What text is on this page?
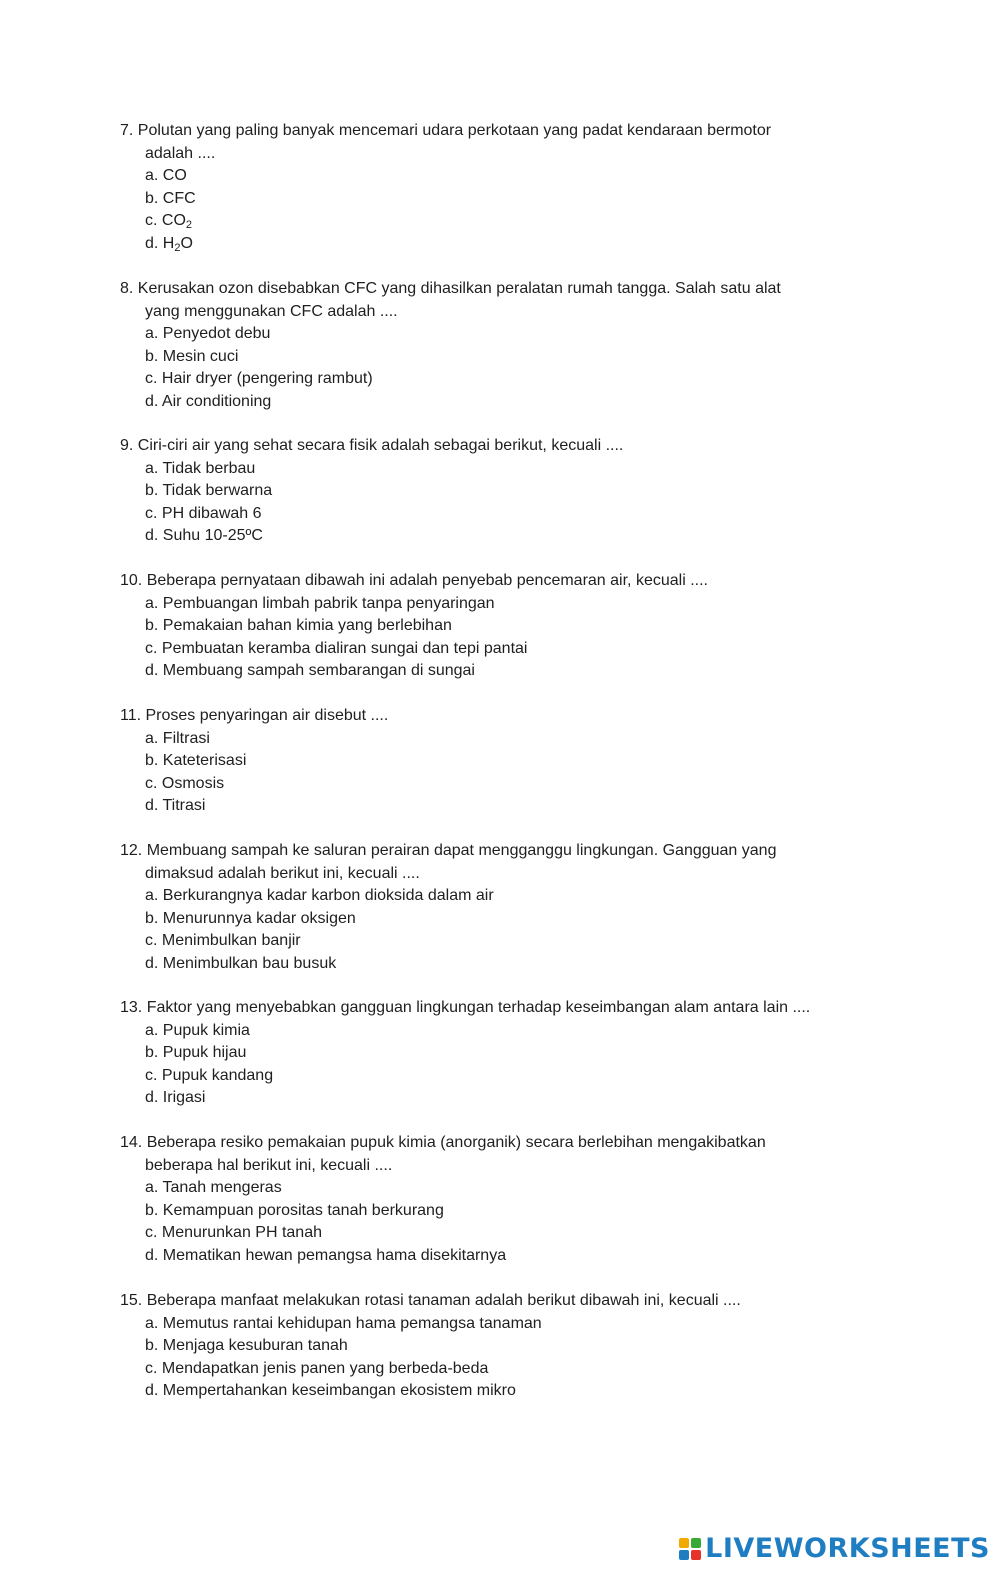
7. Polutan yang paling banyak mencemari udara perkotaan yang padat kendaraan bermotor
adalah ....

a. CO

b. CFC

c. $CO_2$

d. $H_2O$

8. Kerusakan ozon disebabkan CFC yang dihasilkan peralatan rumah tangga. Salah satu alat
yang menggunakan CFC adalah ....

a. Penyedot debu

b. Mesin cuci

c. Hair dryer (pengering rambut)

d. Air conditioning

9. Ciri-ciri air yang sehat secara fisik adalah sebagai berikut, kecuali ....

a. Tidak berbau

b. Tidak berwarna

c. PH dibawah 6

d. Suhu 10-25ºC

10. Beberapa pernyataan dibawah ini adalah penyebab pencemaran air, kecuali ....

a. Pembuangan limbah pabrik tanpa penyaringan

b. Pemakaian bahan kimia yang berlebihan

c. Pembuatan keramba dialiran sungai dan tepi pantai

d. Membuang sampah sembarangan di sungai

11. Proses penyaringan air disebut ....

a. Filtrasi

b. Kateterisasi

c. Osmosis

d. Titrasi

12. Membuang sampah ke saluran perairan dapat mengganggu lingkungan. Gangguan yang
dimaksud adalah berikut ini, kecuali ....

a. Berkurangnya kadar karbon dioksida dalam air

b. Menurunnya kadar oksigen

c. Menimbulkan banjir

d. Menimbulkan bau busuk

13. Faktor yang menyebabkan gangguan lingkungan terhadap keseimbangan alam antara lain ....

a. Pupuk kimia

b. Pupuk hijau

c. Pupuk kandang

d. Irigasi

14. Beberapa resiko pemakaian pupuk kimia (anorganik) secara berlebihan mengakibatkan
beberapa hal berikut ini, kecuali ....

a. Tanah mengeras

b. Kemampuan porositas tanah berkurang

c. Menurunkan PH tanah

d. Mematikan hewan pemangsa hama disekitarnya

15. Beberapa manfaat melakukan rotasi tanaman adalah berikut dibawah ini, kecuali ....

a. Memutus rantai kehidupan hama pemangsa tanaman

b. Menjaga kesuburan tanah

c. Mendapatkan jenis panen yang berbeda-beda

d. Mempertahankan keseimbangan ekosistem mikro

LIVEWORKSHEETS
